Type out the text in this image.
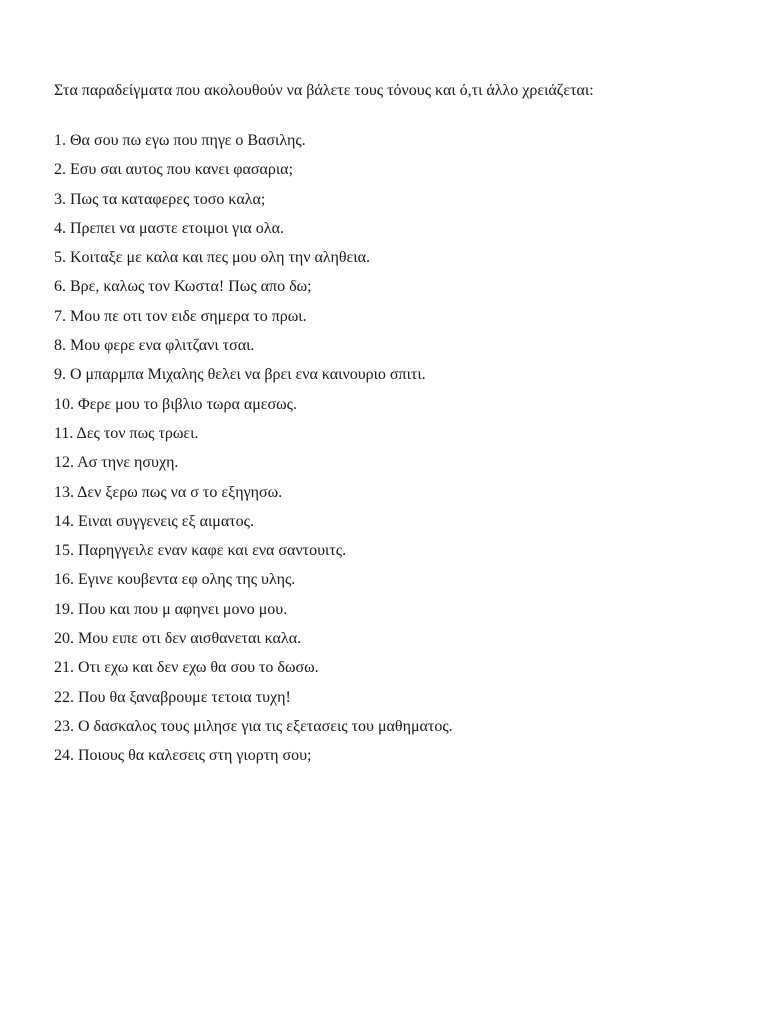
Στα παραδείγματα που ακολουθούν να βάλετε τους τόνους και ό,τι άλλο χρειάζεται:

1. Θα σου πω εγω που πηγε ο Βασιλης.
2. Εσυ σαι αυτος που κανει φασαρια;
3. Πως τα καταφερες τοσο καλα;
4. Πρεπει να μαστε ετοιμοι για ολα.
5. Κοιταξε με καλα και πες μου ολη την αληθεια.
6. Βρε, καλως τον Κωστα! Πως απο δω;
7. Μου πε οτι τον ειδε σημερα το πρωι.
8. Μου φερε ενα φλιτζανι τσαι.
9. Ο μπαρμπα Μιχαλης θελει να βρει ενα καινουριο σπιτι.
10. Φερε μου το βιβλιο τωρα αμεσως.
11. Δες τον πως τρωει.
12. Ασ τηνε ησυχη.
13. Δεν ξερω πως να σ το εξηγησω.
14. Ειναι συγγενεις εξ αιματος.
15. Παρηγγειλε εναν καφε και ενα σαντουιτς.
16. Εγινε κουβεντα εφ ολης της υλης.
19. Που και που μ αφηνει μονο μου.
20. Μου ειπε οτι δεν αισθανεται καλα.
21. Οτι εχω και δεν εχω θα σου το δωσω.
22. Που θα ξαναβρουμε τετοια τυχη!
23. Ο δασκαλος τους μιλησε για τις εξετασεις του μαθηματος.
24. Ποιους θα καλεσεις στη γιορτη σου;
